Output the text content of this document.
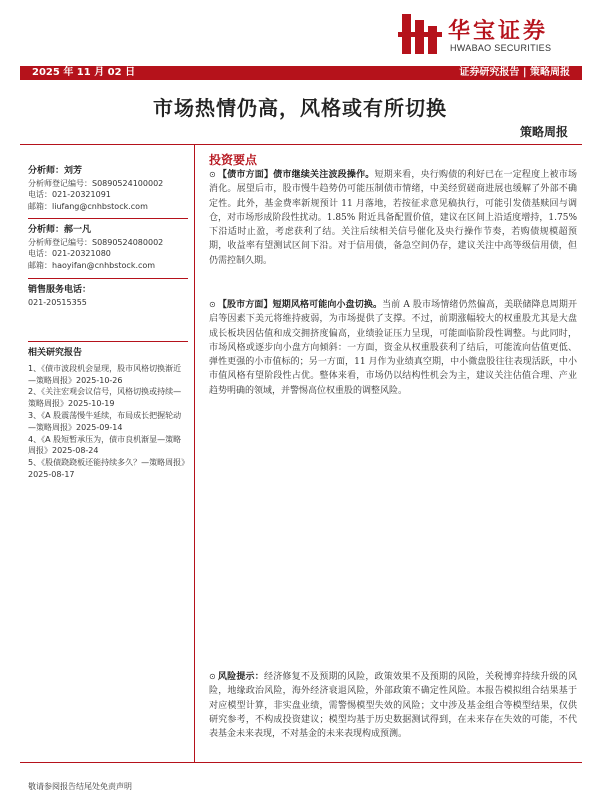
华宝证券
HWABAO SECURITIES
2025 年 11 月 02 日	证券研究报告 | 策略周报
市场热情仍高，风格或有所切换
策略周报
分析师：刘芳
分析师登记编号：S0890524100002
电话：021-20321091
邮箱：liufang@cnhbstock.com
分析师：郝一凡
分析师登记编号：S0890524080002
电话：021-20321080
邮箱：haoyifan@cnhbstock.com
销售服务电话：
021-20515355
相关研究报告
1、《债市波段机会显现，股市风格切换渐近—策略周报》2025-10-26
2、《关注宏观会议信号，风格切换或持续—策略周报》2025-10-19
3、《A 股震荡慢牛延续，布局成长把握轮动—策略周报》2025-09-14
4、《A 股短暂承压为，债市良机渐显—策略周报》2025-08-24
5、《股债跷跷板还能持续多久？—策略周报》2025-08-17
投资要点
⊙ 【债市方面】债市继续关注波段操作。短期来看，央行购债的利好已在一定程度上被市场消化。展望后市，股市慢牛趋势仍可能压制债市情绪，中美经贸磋商进展也缓解了外部不确定性。此外，基金费率新规预计 11 月落地，若按征求意见稿执行，可能引发债基赎回与调仓，对市场形成阶段性扰动。1.85% 附近具备配置价值，建议在区间上沿适度增持，1.75% 下沿适时止盈，考虑获利了结。关注后续相关信号催化及央行操作节奏，若购债规模超预期，收益率有望测试区间下沿。对于信用债，备急空间仍存，建议关注中高等级信用债，但仍需控制久期。
⊙ 【股市方面】短期风格可能向小盘切换。当前 A 股市场情绪仍然偏高，美联储降息周期开启等因素下美元将维持疲弱，为市场提供了支撑。不过，前期涨幅较大的权重股尤其是大盘成长板块因估值和成交拥挤度偏高，业绩验证压力呈现，可能面临阶段性调整。与此同时，市场风格或逐步向小盘方向倾斜：一方面，资金从权重股获利了结后，可能流向估值更低、弹性更强的小市值标的；另一方面，11 月作为业绩真空期，中小微盘股往往表现活跃，中小市值风格有望阶段性占优。整体来看，市场仍以结构性机会为主，建议关注估值合理、产业趋势明确的领域，并警惕高位权重股的调整风险。
⊙ 风险提示：经济修复不及预期的风险，政策效果不及预期的风险，关税博弈持续升级的风险，地缘政治风险，海外经济衰退风险，外部政策不确定性风险。本报告模拟组合结果基于对应模型计算，非实盘业绩，需警惕模型失效的风险；文中涉及基金组合等模型结果，仅供研究参考，不构成投资建议；模型均基于历史数据测试得到，在未来存在失效的可能，不代表基金未来表现，不对基金的未来表现构成预测。
敬请参阅报告结尾处免责声明
